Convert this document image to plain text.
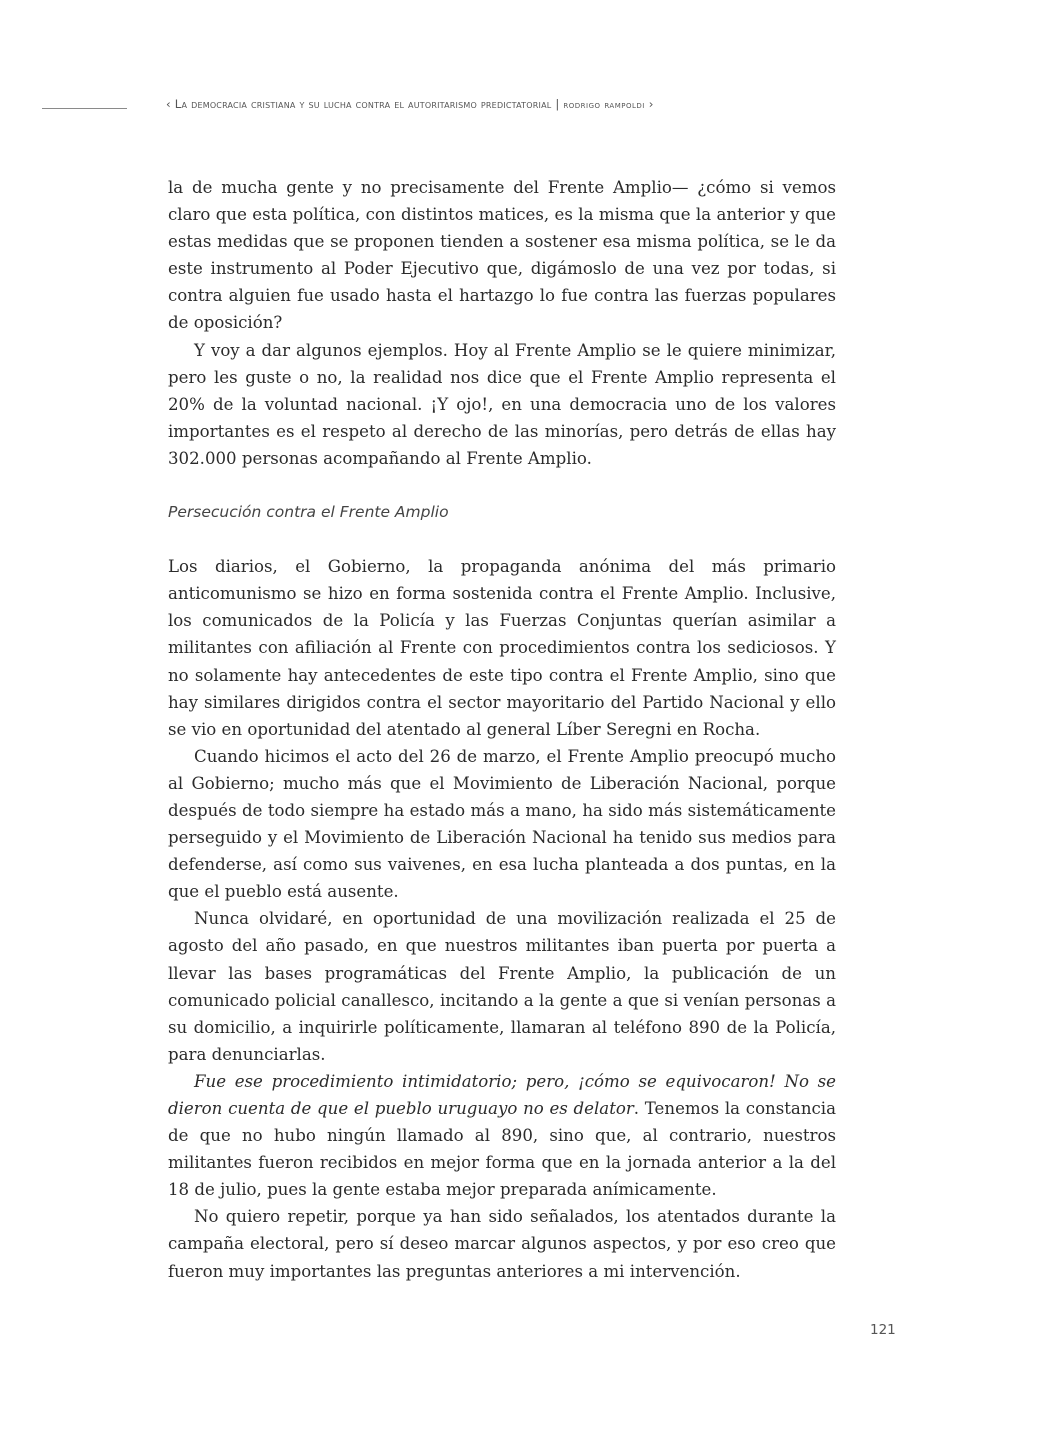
‹ La democracia cristiana y su lucha contra el autoritarismo predictatorial | rodrigo rampoldi ›

la de mucha gente y no precisamente del Frente Amplio— ¿cómo si vemos claro que esta política, con distintos matices, es la misma que la anterior y que estas medidas que se proponen tienden a sostener esa misma política, se le da este instrumento al Poder Ejecutivo que, digámoslo de una vez por todas, si contra alguien fue usado hasta el hartazgo lo fue contra las fuerzas populares de oposición?

Y voy a dar algunos ejemplos. Hoy al Frente Amplio se le quiere minimizar, pero les guste o no, la realidad nos dice que el Frente Amplio representa el 20% de la voluntad nacional. ¡Y ojo!, en una democracia uno de los valores importantes es el respeto al derecho de las minorías, pero detrás de ellas hay 302.000 personas acompañando al Frente Amplio.

Persecución contra el Frente Amplio

Los diarios, el Gobierno, la propaganda anónima del más primario anticomunismo se hizo en forma sostenida contra el Frente Amplio. Inclusive, los comunicados de la Policía y las Fuerzas Conjuntas querían asimilar a militantes con afiliación al Frente con procedimientos contra los sediciosos. Y no solamente hay antecedentes de este tipo contra el Frente Amplio, sino que hay similares dirigidos contra el sector mayoritario del Partido Nacional y ello se vio en oportunidad del atentado al general Líber Seregni en Rocha.

Cuando hicimos el acto del 26 de marzo, el Frente Amplio preocupó mucho al Gobierno; mucho más que el Movimiento de Liberación Nacional, porque después de todo siempre ha estado más a mano, ha sido más sistemáticamente perseguido y el Movimiento de Liberación Nacional ha tenido sus medios para defenderse, así como sus vaivenes, en esa lucha planteada a dos puntas, en la que el pueblo está ausente.

Nunca olvidaré, en oportunidad de una movilización realizada el 25 de agosto del año pasado, en que nuestros militantes iban puerta por puerta a llevar las bases programáticas del Frente Amplio, la publicación de un comunicado policial canallesco, incitando a la gente a que si venían personas a su domicilio, a inquirirle políticamente, llamaran al teléfono 890 de la Policía, para denunciarlas.

Fue ese procedimiento intimidatorio; pero, ¡cómo se equivocaron! No se dieron cuenta de que el pueblo uruguayo no es delator. Tenemos la constancia de que no hubo ningún llamado al 890, sino que, al contrario, nuestros militantes fueron recibidos en mejor forma que en la jornada anterior a la del 18 de julio, pues la gente estaba mejor preparada anímicamente.

No quiero repetir, porque ya han sido señalados, los atentados durante la campaña electoral, pero sí deseo marcar algunos aspectos, y por eso creo que fueron muy importantes las preguntas anteriores a mi intervención.

121
